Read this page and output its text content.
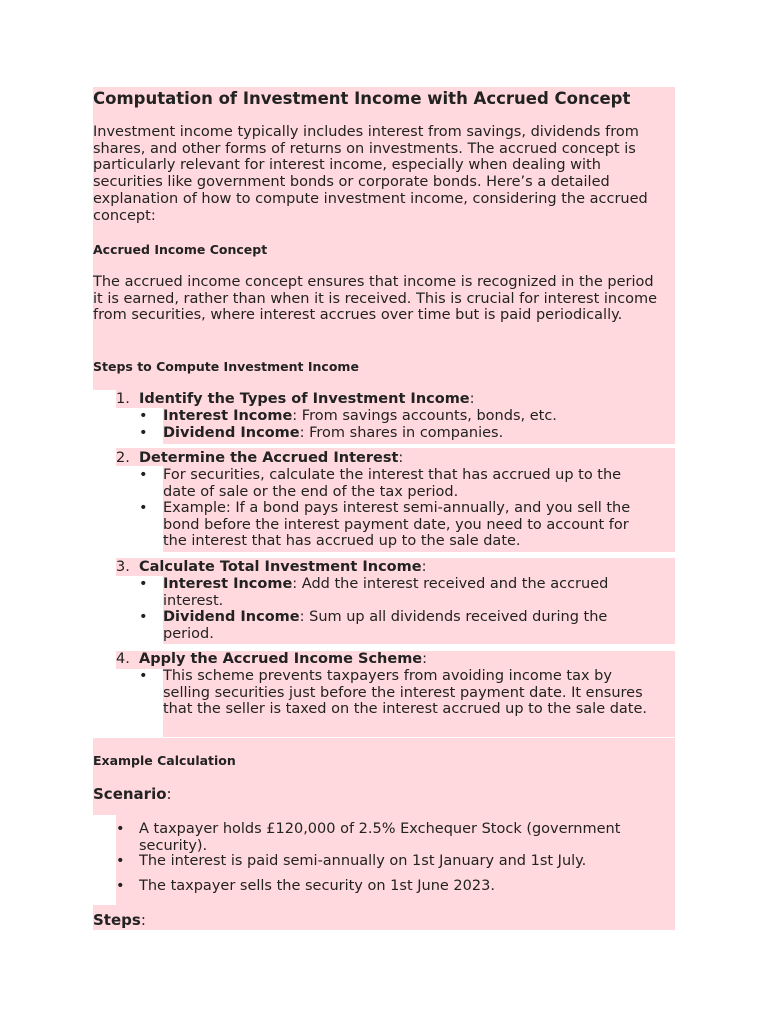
Computation of Investment Income with Accrued Concept

Investment income typically includes interest from savings, dividends from shares, and other forms of returns on investments. The accrued concept is particularly relevant for interest income, especially when dealing with securities like government bonds or corporate bonds. Here’s a detailed explanation of how to compute investment income, considering the accrued concept:

Accrued Income Concept

The accrued income concept ensures that income is recognized in the period it is earned, rather than when it is received. This is crucial for interest income from securities, where interest accrues over time but is paid periodically.

Steps to Compute Investment Income
1. Identify the Types of Investment Income:
• Interest Income: From savings accounts, bonds, etc.
• Dividend Income: From shares in companies.
2. Determine the Accrued Interest:
• For securities, calculate the interest that has accrued up to the date of sale or the end of the tax period.
• Example: If a bond pays interest semi-annually, and you sell the bond before the interest payment date, you need to account for the interest that has accrued up to the sale date.
3. Calculate Total Investment Income:
• Interest Income: Add the interest received and the accrued interest.
• Dividend Income: Sum up all dividends received during the period.
4. Apply the Accrued Income Scheme:
• This scheme prevents taxpayers from avoiding income tax by selling securities just before the interest payment date. It ensures that the seller is taxed on the interest accrued up to the sale date.
Example Calculation
Scenario:
• A taxpayer holds £120,000 of 2.5% Exchequer Stock (government security).
• The interest is paid semi-annually on 1st January and 1st July.
• The taxpayer sells the security on 1st June 2023.
Steps:
